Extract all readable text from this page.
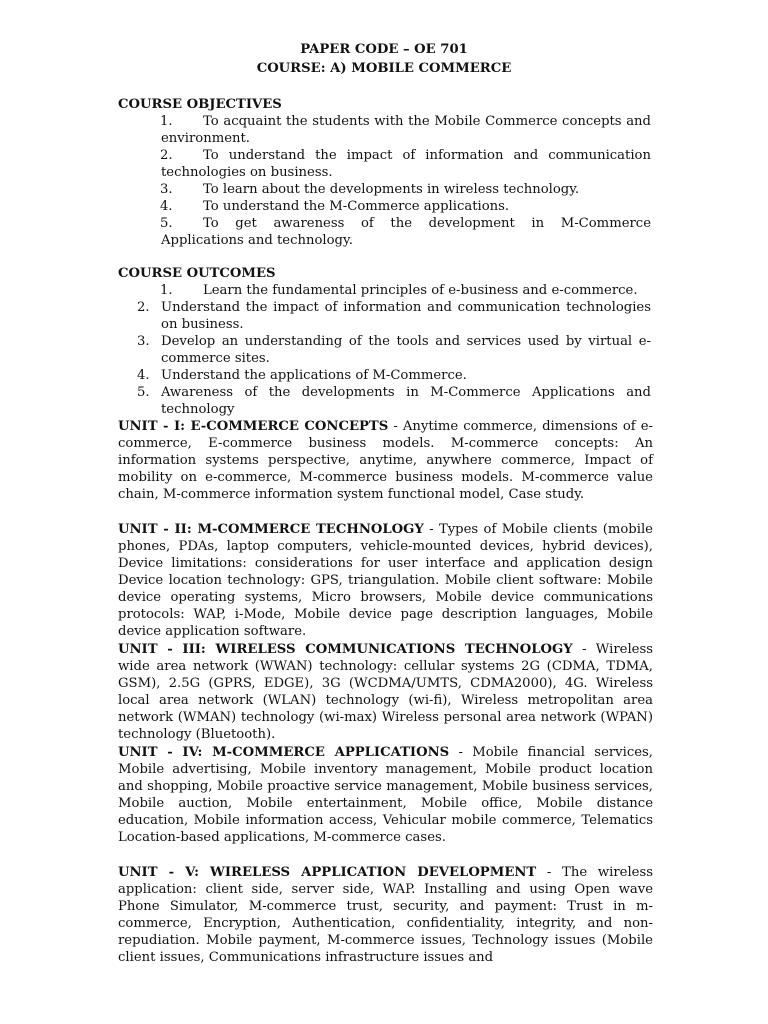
PAPER CODE – OE 701
COURSE: A) MOBILE COMMERCE
COURSE OBJECTIVES
1.	To acquaint the students with the Mobile Commerce concepts and environment.
2.	To understand the impact of information and communication technologies on business.
3.	To learn about the developments in wireless technology.
4.	To understand the M-Commerce applications.
5.	To get awareness of the development in M-Commerce Applications and technology.
COURSE OUTCOMES
1.	Learn the fundamental principles of e-business and e-commerce.
2. Understand the impact of information and communication technologies on business.
3. Develop an understanding of the tools and services used by virtual e-commerce sites.
4. Understand the applications of M-Commerce.
5. Awareness of the developments in M-Commerce Applications and technology

UNIT - I: E-COMMERCE CONCEPTS - Anytime commerce, dimensions of e-commerce, E-commerce business models. M-commerce concepts: An information systems perspective, anytime, anywhere commerce, Impact of mobility on e-commerce, M-commerce business models. M-commerce value chain, M-commerce information system functional model, Case study.

UNIT - II: M-COMMERCE TECHNOLOGY - Types of Mobile clients (mobile phones, PDAs, laptop computers, vehicle-mounted devices, hybrid devices), Device limitations: considerations for user interface and application design Device location technology: GPS, triangulation. Mobile client software: Mobile device operating systems, Micro browsers, Mobile device communications protocols: WAP, i-Mode, Mobile device page description languages, Mobile device application software.

UNIT - III: WIRELESS COMMUNICATIONS TECHNOLOGY - Wireless wide area network (WWAN) technology: cellular systems 2G (CDMA, TDMA, GSM), 2.5G (GPRS, EDGE), 3G (WCDMA/UMTS, CDMA2000), 4G. Wireless local area network (WLAN) technology (wi-fi), Wireless metropolitan area network (WMAN) technology (wi-max) Wireless personal area network (WPAN) technology (Bluetooth).

UNIT - IV: M-COMMERCE APPLICATIONS - Mobile financial services, Mobile advertising, Mobile inventory management, Mobile product location and shopping, Mobile proactive service management, Mobile business services, Mobile auction, Mobile entertainment, Mobile office, Mobile distance education, Mobile information access, Vehicular mobile commerce, Telematics Location-based applications, M-commerce cases.

UNIT - V: WIRELESS APPLICATION DEVELOPMENT - The wireless application: client side, server side, WAP. Installing and using Open wave Phone Simulator, M-commerce trust, security, and payment: Trust in m-commerce, Encryption, Authentication, confidentiality, integrity, and non-repudiation. Mobile payment, M-commerce issues, Technology issues (Mobile client issues, Communications infrastructure issues and
